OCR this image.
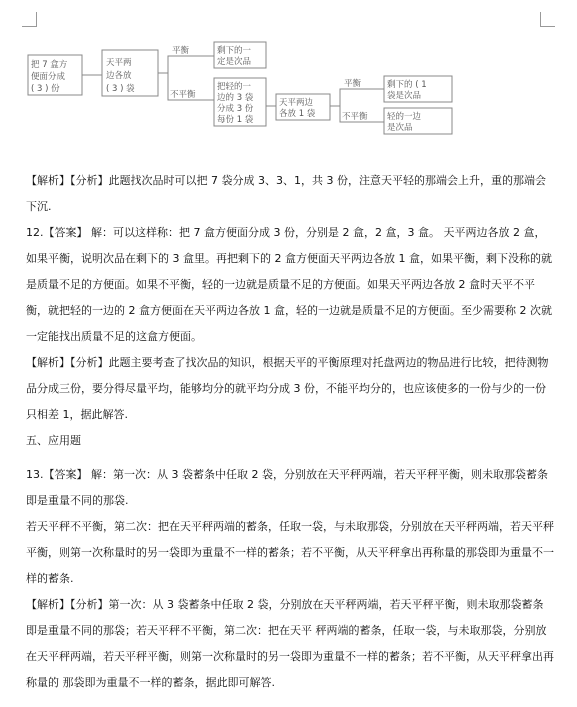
把 7 盒方
便面分成
( 3 ) 份
天平两
边各放
( 3 ) 袋
平衡
不平衡
剩下的一
定是次品
把轻的一
边的 3 袋
分成 3 份
每份 1 袋
天平两边
各放 1 袋
平衡
不平衡
剩下的 ( 1
袋是次品
轻的一边
是次品

【解析】【分析】此题找次品时可以把 7 袋分成 3、3、1，共 3 份，注意天平轻的那端会上升，重的那端会下沉.

12.【答案】 解：可以这样称：把 7 盒方便面分成 3 份，分别是 2 盒，2 盒，3 盒。 天平两边各放 2 盒，如果平衡，说明次品在剩下的 3 盒里。再把剩下的 2 盒方便面天平两边各放 1 盒，如果平衡，剩下没称的就是质量不足的方便面。如果不平衡，轻的一边就是质量不足的方便面。如果天平两边各放 2 盒时天平不平衡，就把轻的一边的 2 盒方便面在天平两边各放 1 盒，轻的一边就是质量不足的方便面。至少需要称 2 次就一定能找出质量不足的这盒方便面。

【解析】【分析】此题主要考查了找次品的知识，根据天平的平衡原理对托盘两边的物品进行比较，把待测物品分成三份，要分得尽量平均，能够均分的就平均分成 3 份，不能平均分的，也应该使多的一份与少的一份只相差 1，据此解答.

五、应用题

13.【答案】 解：第一次：从 3 袋蓄条中任取 2 袋，分别放在天平秤两端，若天平秤平衡，则未取那袋蓄条即是重量不同的那袋.

若天平秤不平衡，第二次：把在天平秤两端的蓄条，任取一袋，与未取那袋，分别放在天平秤两端，若天平秤平衡，则第一次称量时的另一袋即为重量不一样的蓄条；若不平衡，从天平秤拿出再称量的那袋即为重量不一样的蓄条.

【解析】【分析】第一次：从 3 袋蓄条中任取 2 袋，分别放在天平秤两端，若天平秤平衡，则未取那袋蓄条即是重量不同的那袋；若天平秤不平衡，第二次：把在天平 秤两端的蓄条，任取一袋，与未取那袋，分别放在天平秤两端，若天平秤平衡，则第一次称量时的另一袋即为重量不一样的蓄条；若不平衡，从天平秤拿出再称量的 那袋即为重量不一样的蓄条，据此即可解答.
